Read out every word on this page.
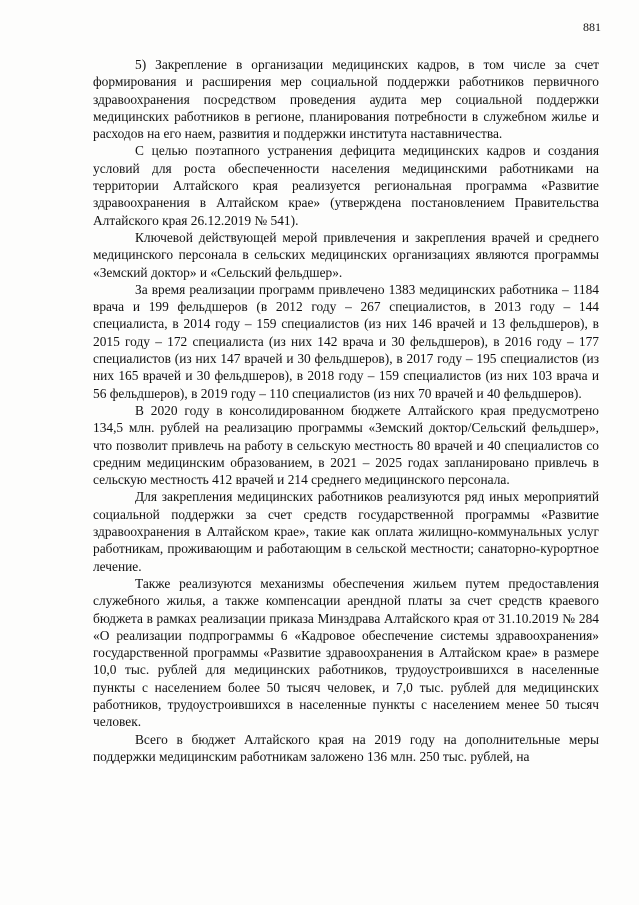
881

5) Закрепление в организации медицинских кадров, в том числе за счет формирования и расширения мер социальной поддержки работников первичного здравоохранения посредством проведения аудита мер социальной поддержки медицинских работников в регионе, планирования потребности в служебном жилье и расходов на его наем, развития и поддержки института наставничества.

С целью поэтапного устранения дефицита медицинских кадров и создания условий для роста обеспеченности населения медицинскими работниками на территории Алтайского края реализуется региональная программа «Развитие здравоохранения в Алтайском крае» (утверждена постановлением Правительства Алтайского края 26.12.2019 № 541).

Ключевой действующей мерой привлечения и закрепления врачей и среднего медицинского персонала в сельских медицинских организациях являются программы «Земский доктор» и «Сельский фельдшер».

За время реализации программ привлечено 1383 медицинских работника – 1184 врача и 199 фельдшеров (в 2012 году – 267 специалистов, в 2013 году – 144 специалиста, в 2014 году – 159 специалистов (из них 146 врачей и 13 фельдшеров), в 2015 году – 172 специалиста (из них 142 врача и 30 фельдшеров), в 2016 году – 177 специалистов (из них 147 врачей и 30 фельдшеров), в 2017 году – 195 специалистов (из них 165 врачей и 30 фельдшеров), в 2018 году – 159 специалистов (из них 103 врача и 56 фельдшеров), в 2019 году – 110 специалистов (из них 70 врачей и 40 фельдшеров).

В 2020 году в консолидированном бюджете Алтайского края предусмотрено 134,5 млн. рублей на реализацию программы «Земский доктор/Сельский фельдшер», что позволит привлечь на работу в сельскую местность 80 врачей и 40 специалистов со средним медицинским образованием, в 2021 – 2025 годах запланировано привлечь в сельскую местность 412 врачей и 214 среднего медицинского персонала.

Для закрепления медицинских работников реализуются ряд иных мероприятий социальной поддержки за счет средств государственной программы «Развитие здравоохранения в Алтайском крае», такие как оплата жилищно-коммунальных услуг работникам, проживающим и работающим в сельской местности; санаторно-курортное лечение.

Также реализуются механизмы обеспечения жильем путем предоставления служебного жилья, а также компенсации арендной платы за счет средств краевого бюджета в рамках реализации приказа Минздрава Алтайского края от 31.10.2019 № 284 «О реализации подпрограммы 6 «Кадровое обеспечение системы здравоохранения» государственной программы «Развитие здравоохранения в Алтайском крае» в размере 10,0 тыс. рублей для медицинских работников, трудоустроившихся в населенные пункты с населением более 50 тысяч человек, и 7,0 тыс. рублей для медицинских работников, трудоустроившихся в населенные пункты с населением менее 50 тысяч человек.

Всего в бюджет Алтайского края на 2019 году на дополнительные меры поддержки медицинским работникам заложено 136 млн. 250 тыс. рублей, на
